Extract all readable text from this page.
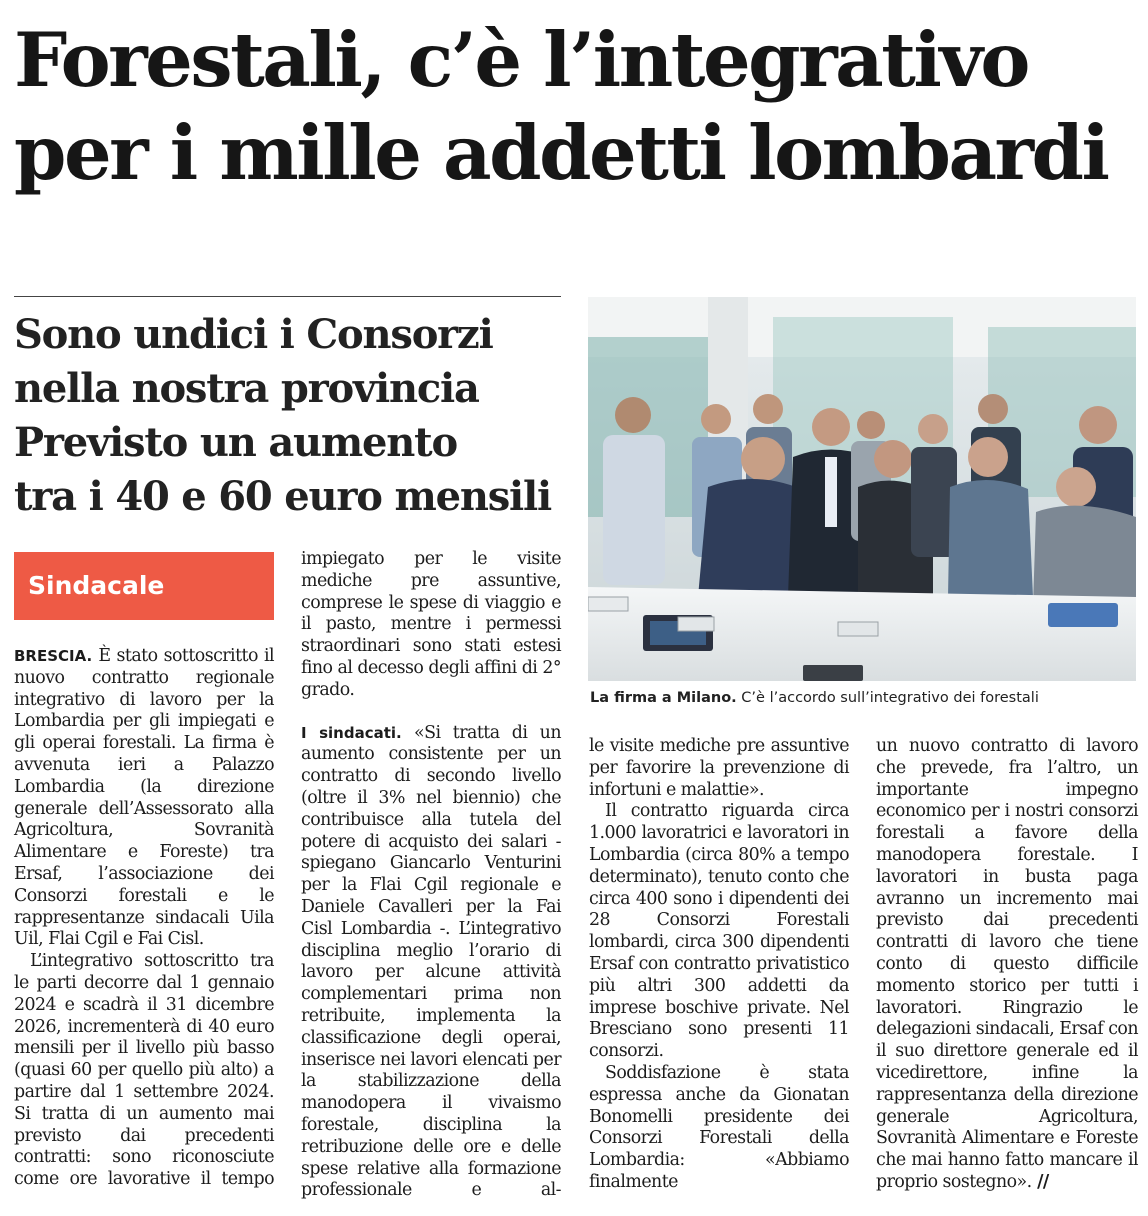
Forestali, c’è l’integrativo
per i mille addetti lombardi
Sono undici i Consorzi
nella nostra provincia
Previsto un aumento
tra i 40 e 60 euro mensili
Sindacale
La firma a Milano. C’è l’accordo sull’integrativo dei forestali

BRESCIA. È stato sottoscritto il nuovo contratto regionale integrativo di lavoro per la Lombardia per gli impiegati e gli operai forestali. La firma è avvenuta ieri a Palazzo Lombardia (la direzione generale dell’Assessorato alla Agricoltura, Sovranità Alimentare e Foreste) tra Ersaf, l’associazione dei Consorzi forestali e le rappresentanze sindacali Uila Uil, Flai Cgil e Fai Cisl.

L’integrativo sottoscritto tra le parti decorre dal 1 gennaio 2024 e scadrà il 31 dicembre 2026, incrementerà di 40 euro mensili per il livello più basso (quasi 60 per quello più alto) a partire dal 1 settembre 2024. Si tratta di un aumento mai previsto dai precedenti contratti: sono riconosciute come ore lavorative il tempo

impiegato per le visite mediche pre assuntive, comprese le spese di viaggio e il pasto, mentre i permessi straordinari sono stati estesi fino al decesso degli affini di 2° grado.

I sindacati. «Si tratta di un aumento consistente per un contratto di secondo livello (oltre il 3% nel biennio) che contribuisce alla tutela del potere di acquisto dei salari - spiegano Giancarlo Venturini per la Flai Cgil regionale e Daniele Cavalleri per la Fai Cisl Lombardia -. L’integrativo disciplina meglio l’orario di lavoro per alcune attività complementari prima non retribuite, implementa la classificazione degli operai, inserisce nei lavori elencati per la stabilizzazione della manodopera il vivaismo forestale, disciplina la retribuzione delle ore e delle spese relative alla formazione professionale e al-

le visite mediche pre assuntive per favorire la prevenzione di infortuni e malattie».

Il contratto riguarda circa 1.000 lavoratrici e lavoratori in Lombardia (circa 80% a tempo determinato), tenuto conto che circa 400 sono i dipendenti dei 28 Consorzi Forestali lombardi, circa 300 dipendenti Ersaf con contratto privatistico più altri 300 addetti da imprese boschive private. Nel Bresciano sono presenti 11 consorzi.

Soddisfazione è stata espressa anche da Gionatan Bonomelli presidente dei Consorzi Forestali della Lombardia: «Abbiamo finalmente

un nuovo contratto di lavoro che prevede, fra l’altro, un importante impegno economico per i nostri consorzi forestali a favore della manodopera forestale. I lavoratori in busta paga avranno un incremento mai previsto dai precedenti contratti di lavoro che tiene conto di questo difficile momento storico per tutti i lavoratori. Ringrazio le delegazioni sindacali, Ersaf con il suo direttore generale ed il vicedirettore, infine la rappresentanza della direzione generale Agricoltura, Sovranità Alimentare e Foreste che mai hanno fatto mancare il proprio sostegno». //
